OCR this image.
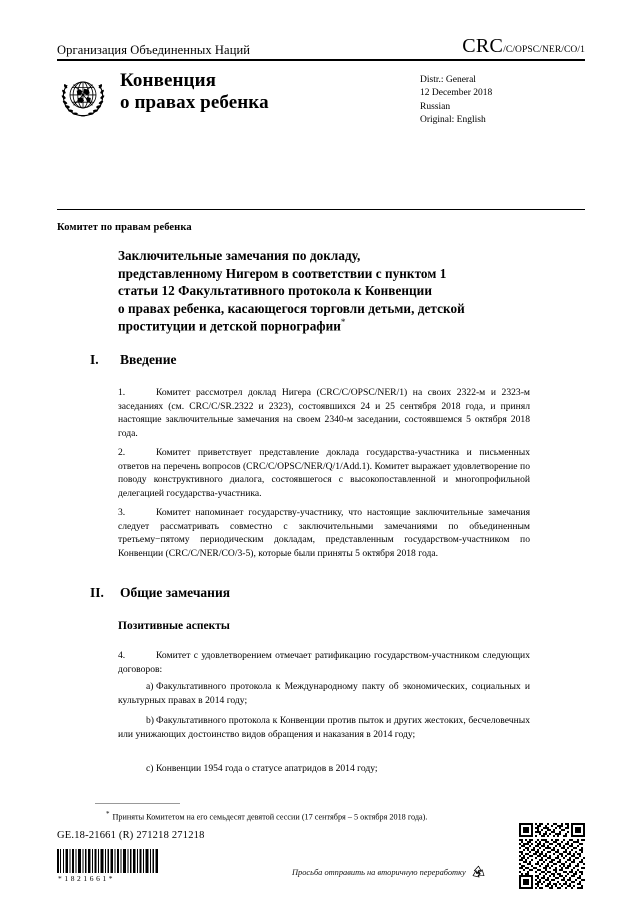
Организация Объединенных Наций	CRC /C/OPSC/NER/CO/1
Конвенция
о правах ребенка
Distr.: General
12 December 2018
Russian
Original: English
Комитет по правам ребенка
Заключительные замечания по докладу,
представленному Нигером в соответствии с пунктом 1
статьи 12 Факультативного протокола к Конвенции
о правах ребенка, касающегося торговли детьми, детской
проституции и детской порнографии*
I.	Введение
1.	Комитет рассмотрел доклад Нигера (CRC/C/OPSC/NER/1) на своих 2322-м и 2323-м заседаниях (см. CRC/C/SR.2322 и 2323), состоявшихся 24 и 25 сентября 2018 года, и принял настоящие заключительные замечания на своем 2340-м заседании, состоявшемся 5 октября 2018 года.
2.	Комитет приветствует представление доклада государства-участника и письменных ответов на перечень вопросов (CRC/C/OPSC/NER/Q/1/Add.1). Комитет выражает удовлетворение по поводу конструктивного диалога, состоявшегося с высокопоставленной и многопрофильной делегацией государства-участника.
3.	Комитет напоминает государству-участнику, что настоящие заключительные замечания следует рассматривать совместно с заключительными замечаниями по объединенным третьему−пятому периодическим докладам, представленным государством-участником по Конвенции (CRC/C/NER/CO/3-5), которые были приняты 5 октября 2018 года.
II.	Общие замечания
Позитивные аспекты
4.	Комитет с удовлетворением отмечает ратификацию государством-участником следующих договоров:
a) Факультативного протокола к Международному пакту об экономических, социальных и культурных правах в 2014 году;
b) Факультативного протокола к Конвенции против пыток и других жестоких, бесчеловечных или унижающих достоинство видов обращения и наказания в 2014 году;
c) Конвенции 1954 года о статусе апатридов в 2014 году;
* Приняты Комитетом на его семьдесят девятой сессии (17 сентября – 5 октября 2018 года).
GE.18-21661 (R) 271218 271218
*1821661*
Просьба отправить на вторичную переработку
